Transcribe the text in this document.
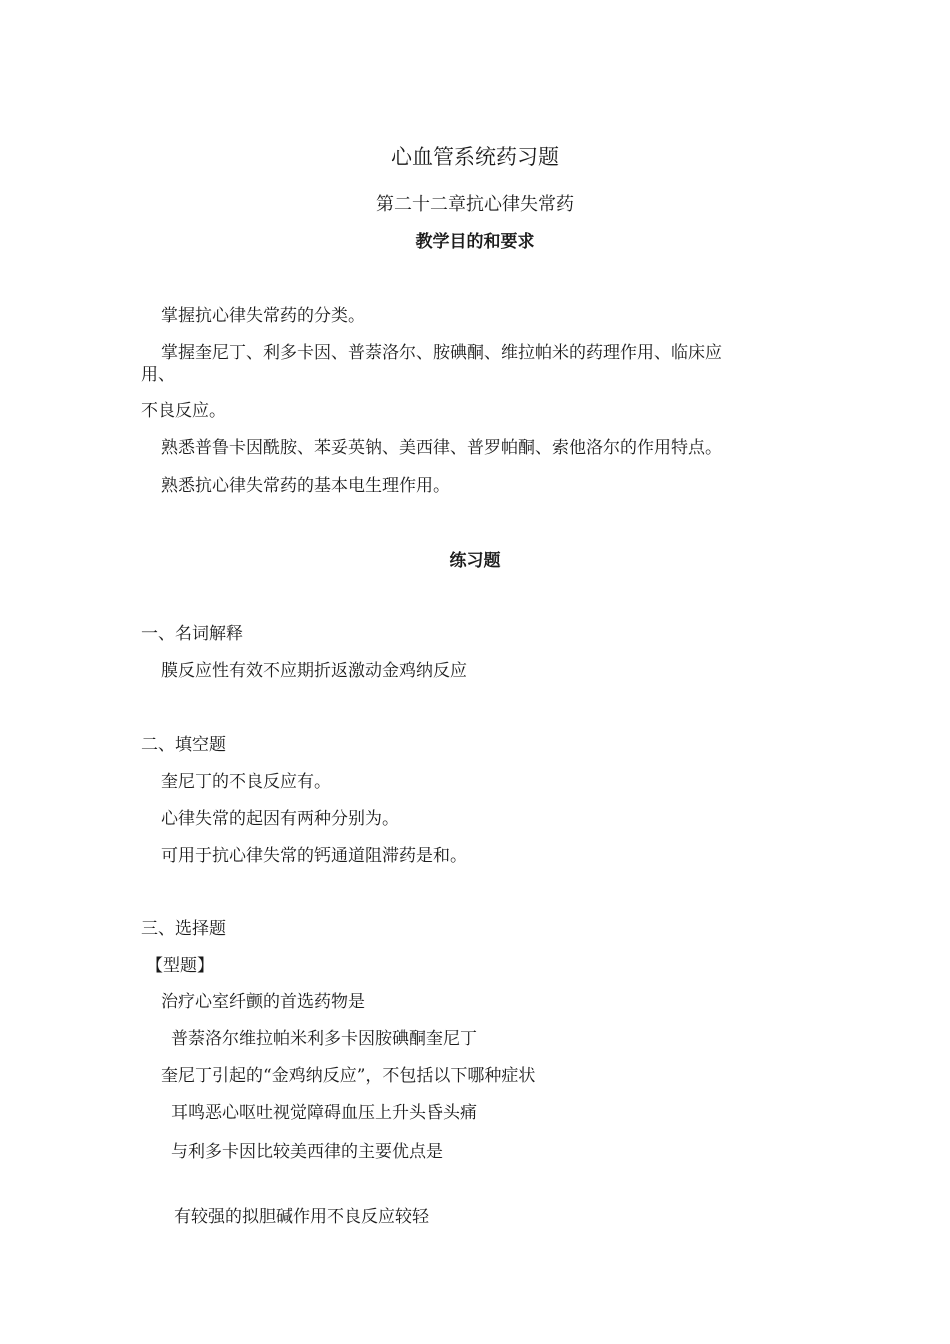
心血管系统药习题
第二十二章抗心律失常药
教学目的和要求
掌握抗心律失常药的分类。
掌握奎尼丁、利多卡因、普萘洛尔、胺碘酮、维拉帕米的药理作用、临床应
用、
不良反应。
熟悉普鲁卡因酰胺、苯妥英钠、美西律、普罗帕酮、索他洛尔的作用特点。
熟悉抗心律失常药的基本电生理作用。
练习题
一、名词解释
膜反应性有效不应期折返激动金鸡纳反应
二、填空题
奎尼丁的不良反应有。
心律失常的起因有两种分别为。
可用于抗心律失常的钙通道阻滞药是和。
三、选择题
【型题】
治疗心室纤颤的首选药物是
普萘洛尔维拉帕米利多卡因胺碘酮奎尼丁
奎尼丁引起的“金鸡纳反应”，不包括以下哪种症状
耳鸣恶心呕吐视觉障碍血压上升头昏头痛
与利多卡因比较美西律的主要优点是
有较强的拟胆碱作用不良反应较轻
